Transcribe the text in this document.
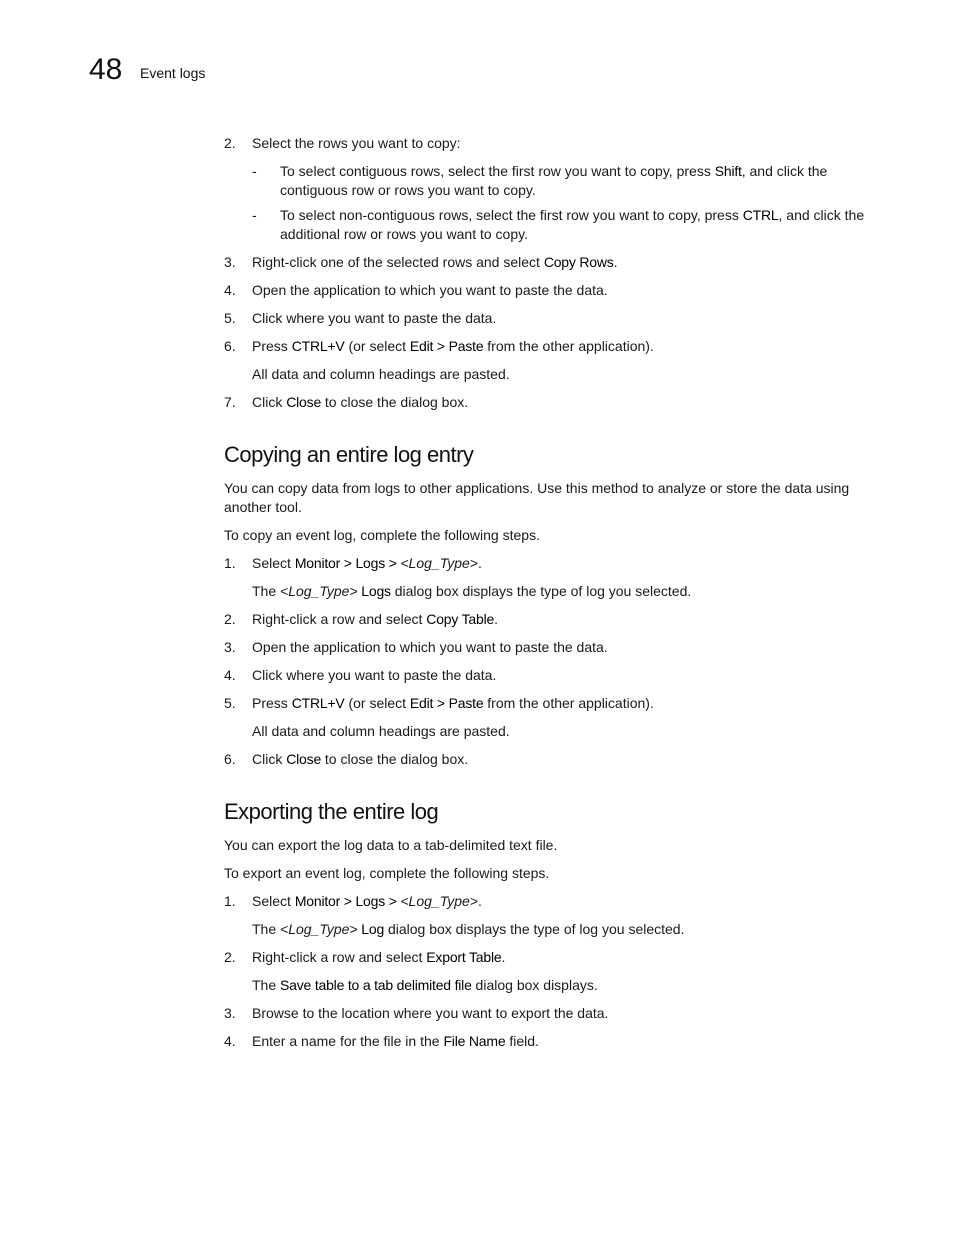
48 Event logs
2. Select the rows you want to copy:
- To select contiguous rows, select the first row you want to copy, press Shift, and click the contiguous row or rows you want to copy.
- To select non-contiguous rows, select the first row you want to copy, press CTRL, and click the additional row or rows you want to copy.
3. Right-click one of the selected rows and select Copy Rows.
4. Open the application to which you want to paste the data.
5. Click where you want to paste the data.
6. Press CTRL+V (or select Edit > Paste from the other application).
All data and column headings are pasted.
7. Click Close to close the dialog box.
Copying an entire log entry

You can copy data from logs to other applications. Use this method to analyze or store the data using another tool.

To copy an event log, complete the following steps.

1. Select Monitor > Logs > <Log_Type>.
The <Log_Type> Logs dialog box displays the type of log you selected.
2. Right-click a row and select Copy Table.
3. Open the application to which you want to paste the data.
4. Click where you want to paste the data.
5. Press CTRL+V (or select Edit > Paste from the other application).
All data and column headings are pasted.
6. Click Close to close the dialog box.
Exporting the entire log

You can export the log data to a tab-delimited text file.

To export an event log, complete the following steps.

1. Select Monitor > Logs > <Log_Type>.
The <Log_Type> Log dialog box displays the type of log you selected.
2. Right-click a row and select Export Table.
The Save table to a tab delimited file dialog box displays.
3. Browse to the location where you want to export the data.
4. Enter a name for the file in the File Name field.
